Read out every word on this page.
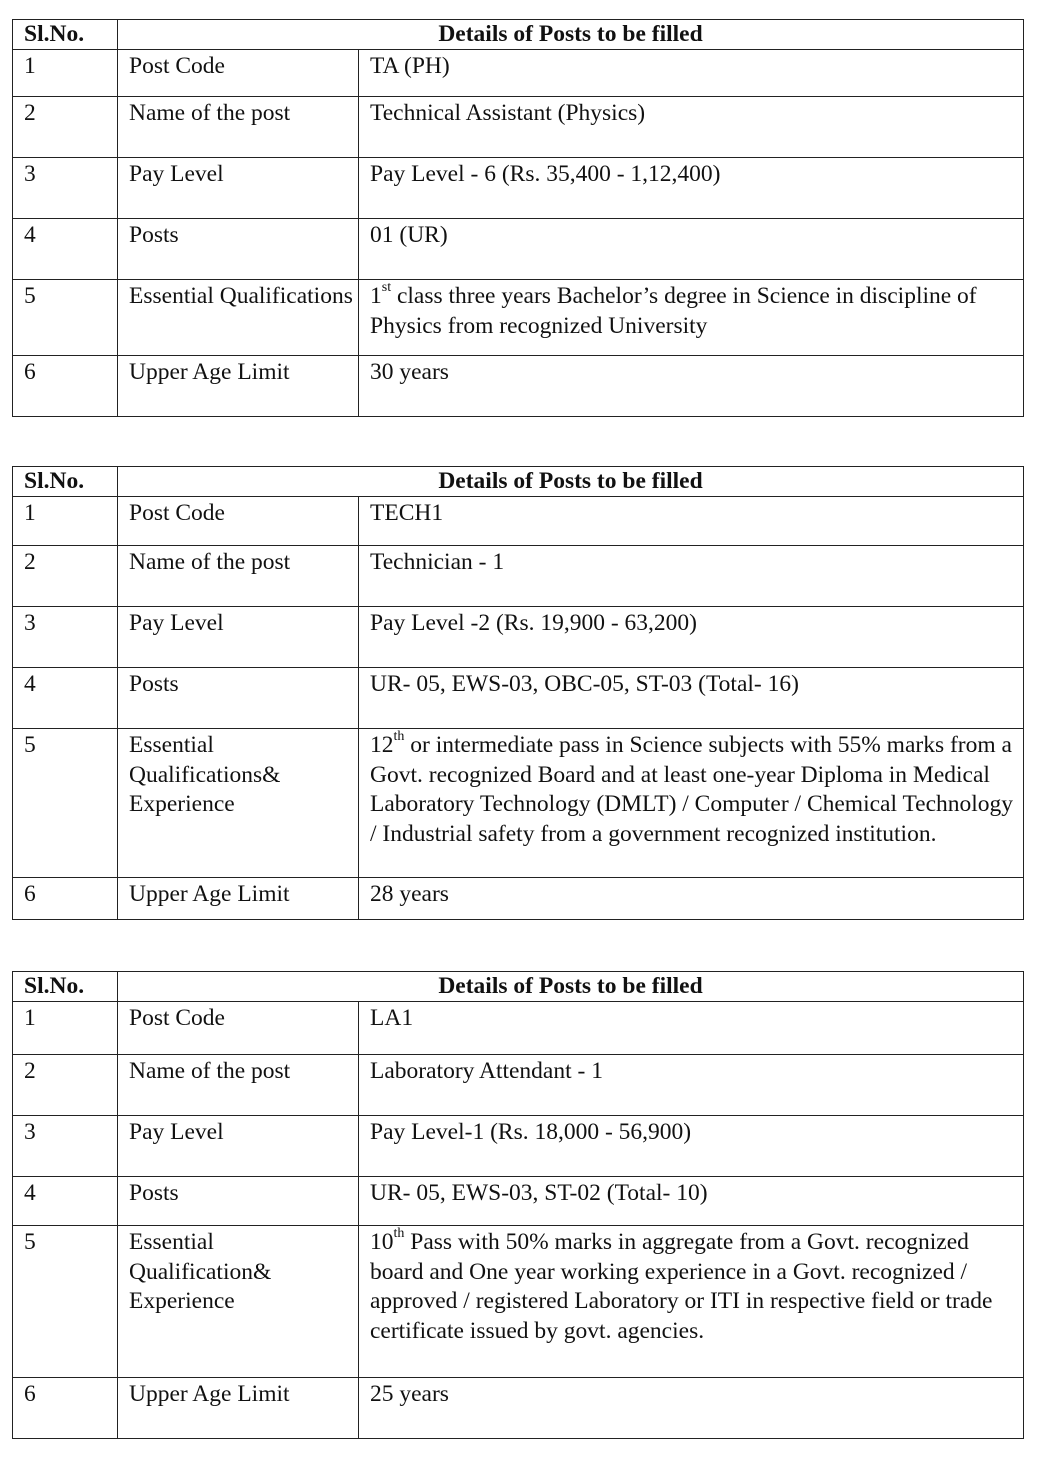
Sl.No.	Details of Posts to be filled	
1	Post Code	TA (PH)
2	Name of the post	Technical Assistant (Physics)
3	Pay Level	Pay Level - 6 (Rs. 35,400 - 1,12,400)
4	Posts	01 (UR)
5	Essential Qualifications	1st class three years Bachelor’s degree in Science in discipline of Physics from recognized University
6	Upper Age Limit	30 years
Sl.No.	Details of Posts to be filled	
1	Post Code	TECH1
2	Name of the post	Technician - 1
3	Pay Level	Pay Level -2 (Rs. 19,900 - 63,200)
4	Posts	UR- 05, EWS-03, OBC-05, ST-03 (Total- 16)
5	Essential Qualifications& Experience	12th or intermediate pass in Science subjects with 55% marks from a Govt. recognized Board and at least one-year Diploma in Medical Laboratory Technology (DMLT) / Computer / Chemical Technology / Industrial safety from a government recognized institution.
6	Upper Age Limit	28 years
Sl.No.	Details of Posts to be filled	
1	Post Code	LA1
2	Name of the post	Laboratory Attendant - 1
3	Pay Level	Pay Level-1 (Rs. 18,000 - 56,900)
4	Posts	UR- 05, EWS-03, ST-02 (Total- 10)
5	Essential Qualification& Experience	10th Pass with 50% marks in aggregate from a Govt. recognized board and One year working experience in a Govt. recognized / approved / registered Laboratory or ITI in respective field or trade certificate issued by govt. agencies.
6	Upper Age Limit	25 years
